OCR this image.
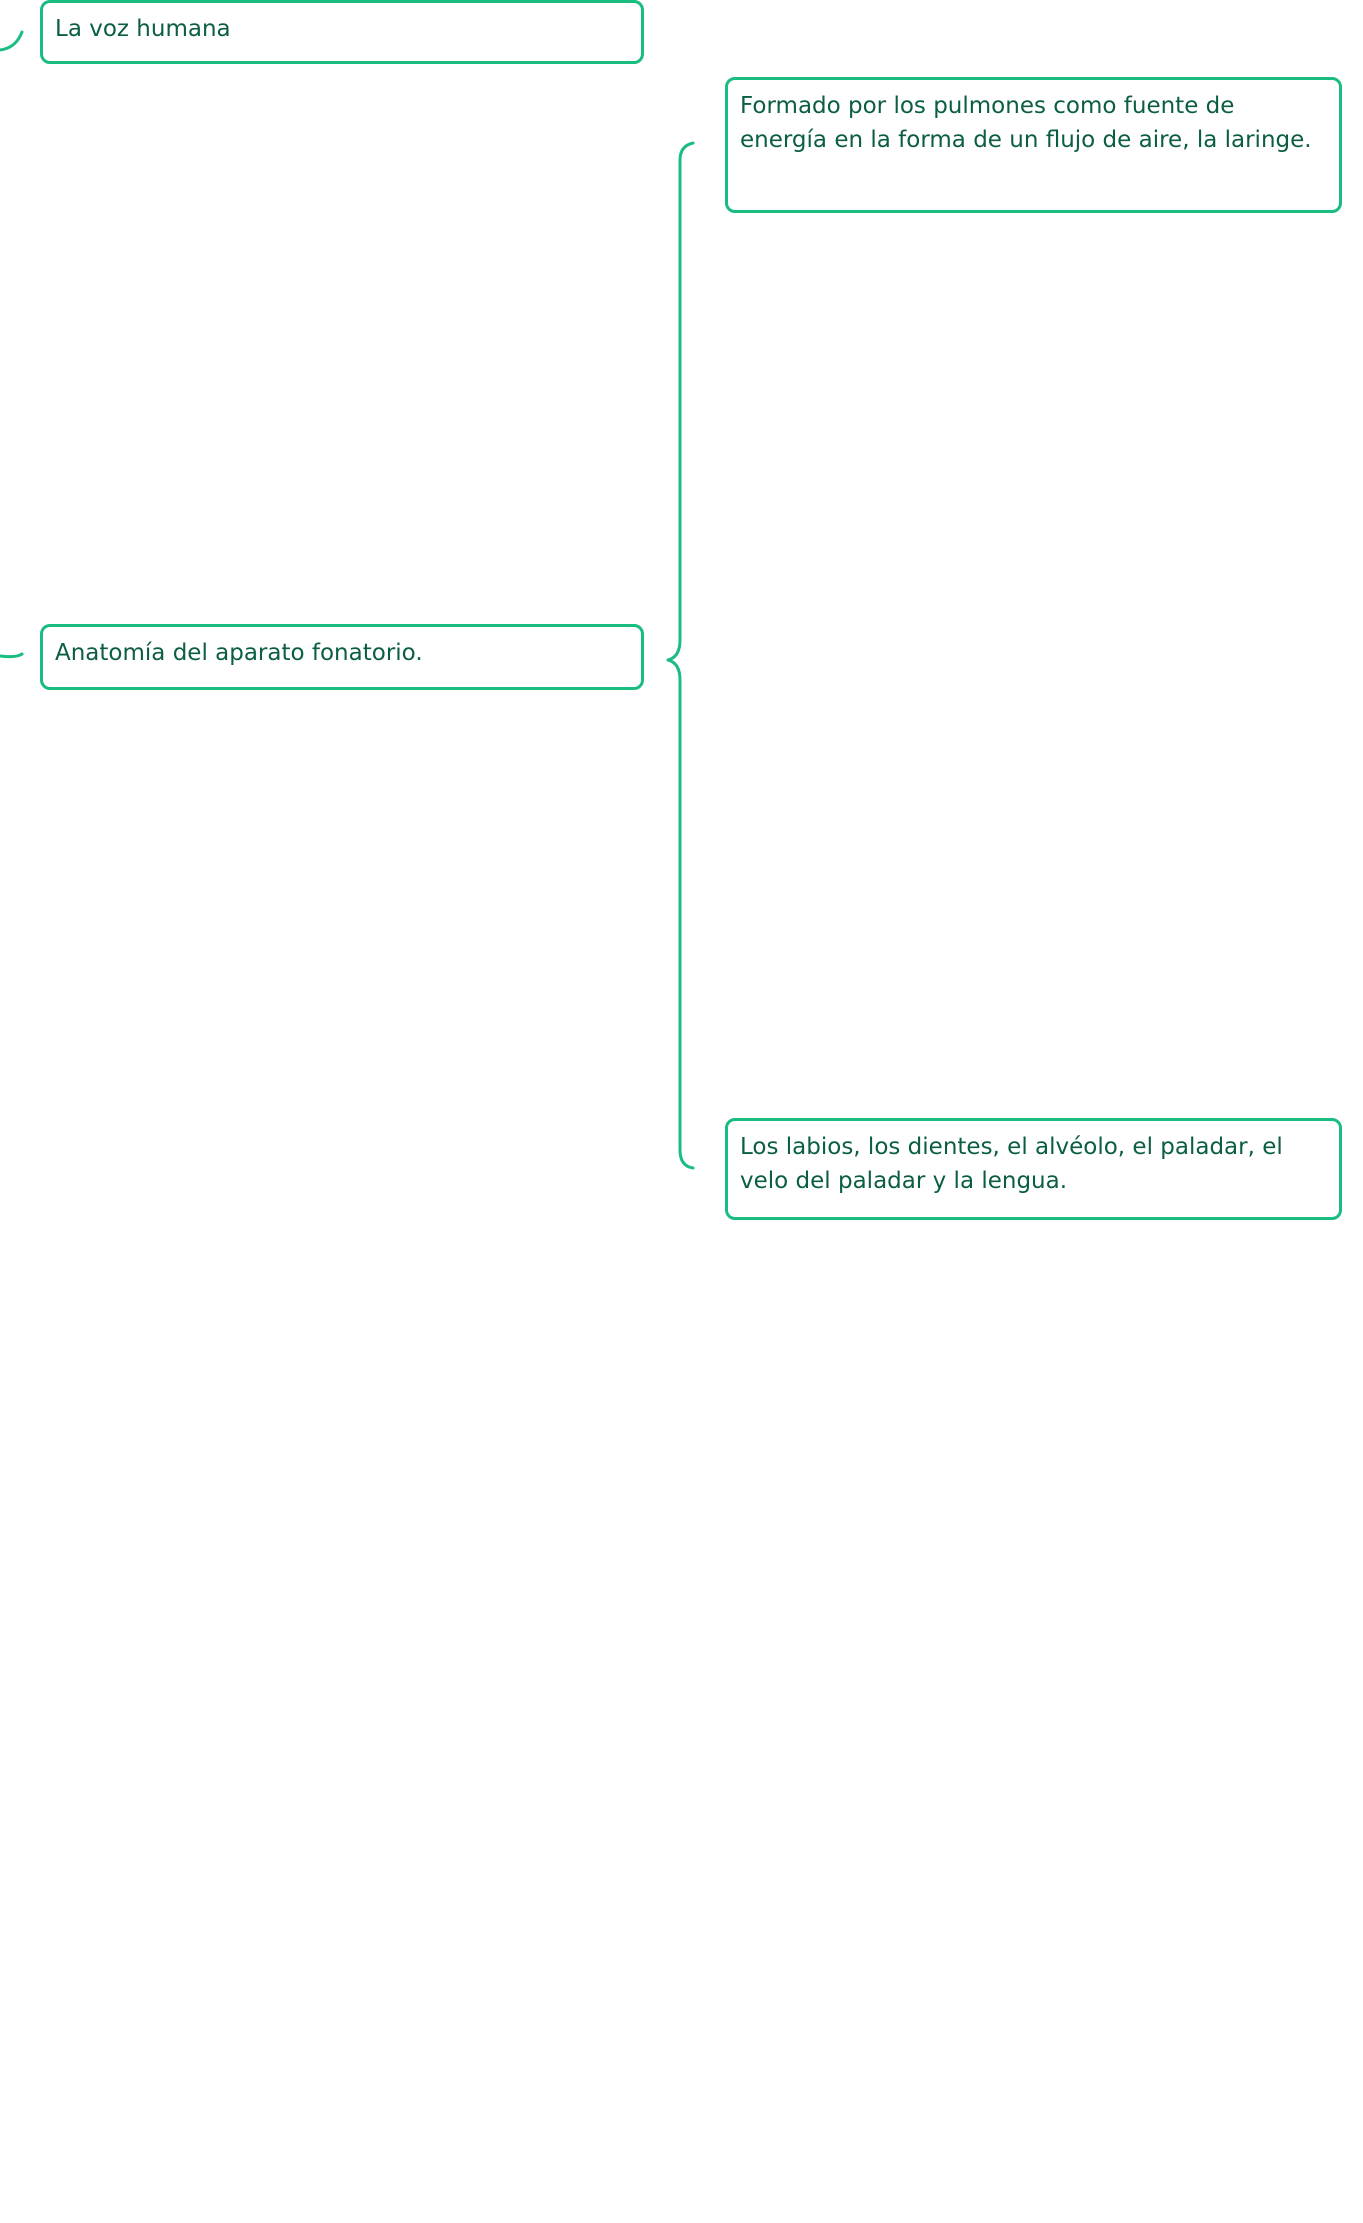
La voz humana
Anatomía del aparato fonatorio.
Formado por los pulmones como fuente de energía en la forma de un flujo de aire, la laringe.
Los labios, los dientes, el alvéolo, el paladar, el velo del paladar y la lengua.
